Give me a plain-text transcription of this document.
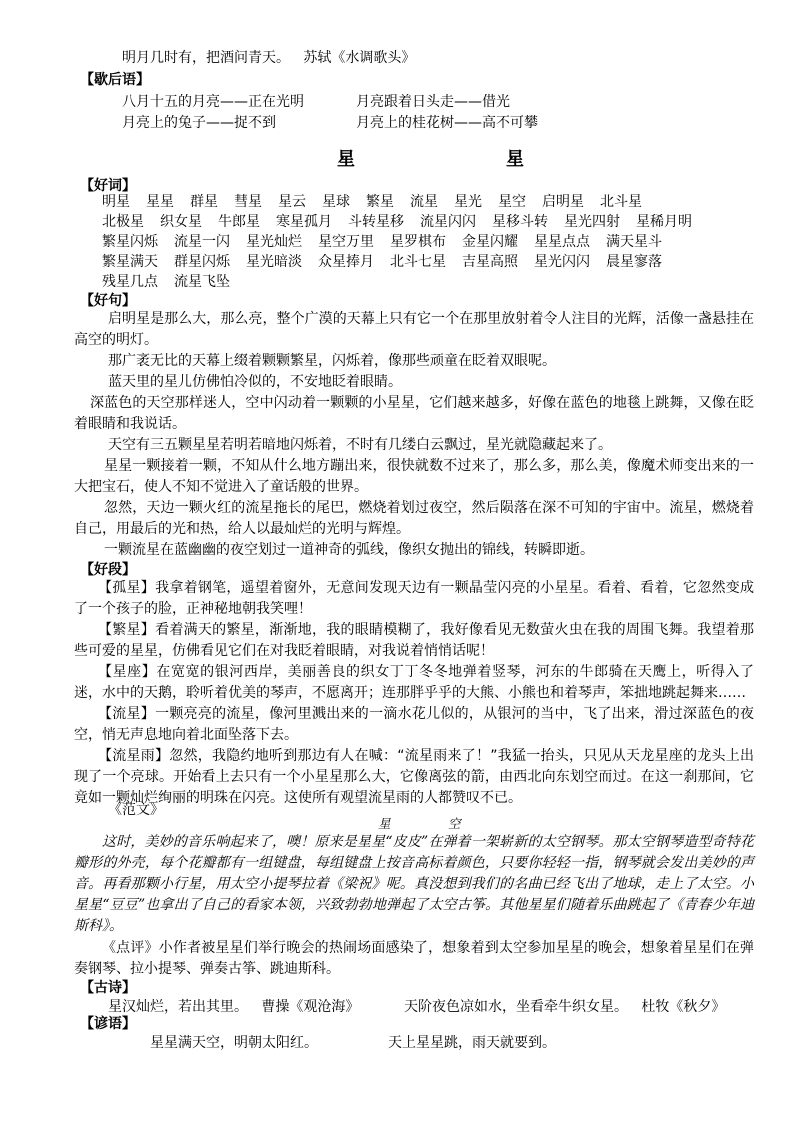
明月几时有，把酒问青天。 苏轼《水调歌头》
【歇后语】
八月十五的月亮——正在光明	月亮跟着日头走——借光
月亮上的兔子——捉不到	月亮上的桂花树——高不可攀
星	星
【好词】
明星 星星 群星 彗星 星云 星球 繁星 流星 星光 星空 启明星 北斗星
北极星 织女星 牛郎星 寒星孤月 斗转星移 流星闪闪 星移斗转 星光四射 星稀月明
繁星闪烁 流星一闪 星光灿烂 星空万里 星罗棋布 金星闪耀 星星点点 满天星斗
繁星满天 群星闪烁 星光暗淡 众星捧月 北斗七星 吉星高照 星光闪闪 晨星寥落
残星几点 流星飞坠
【好句】
启明星是那么大，那么亮，整个广漠的天幕上只有它一个在那里放射着令人注目的光辉，活像一盏悬挂在高空的明灯。
那广袤无比的天幕上缀着颗颗繁星，闪烁着，像那些顽童在眨着双眼呢。
蓝天里的星儿仿佛怕冷似的，不安地眨着眼睛。
深蓝色的天空那样迷人，空中闪动着一颗颗的小星星，它们越来越多，好像在蓝色的地毯上跳舞，又像在眨着眼睛和我说话。
天空有三五颗星星若明若暗地闪烁着，不时有几缕白云飘过，星光就隐藏起来了。
星星一颗接着一颗，不知从什么地方蹦出来，很快就数不过来了，那么多，那么美，像魔术师变出来的一大把宝石，使人不知不觉进入了童话般的世界。
忽然，天边一颗火红的流星拖长的尾巴，燃烧着划过夜空，然后陨落在深不可知的宇宙中。流星，燃烧着自己，用最后的光和热，给人以最灿烂的光明与辉煌。
一颗流星在蓝幽幽的夜空划过一道神奇的弧线，像织女抛出的锦线，转瞬即逝。
【好段】
【孤星】我拿着钢笔，遥望着窗外，无意间发现天边有一颗晶莹闪亮的小星星。看着、看着，它忽然变成了一个孩子的脸，正神秘地朝我笑哩！
【繁星】看着满天的繁星，渐渐地，我的眼睛模糊了，我好像看见无数萤火虫在我的周围飞舞。我望着那些可爱的星星，仿佛看见它们在对我眨着眼睛，对我说着悄悄话呢！
【星座】在宽宽的银河西岸，美丽善良的织女丁丁冬冬地弹着竖琴，河东的牛郎骑在天鹰上，听得入了迷，水中的天鹅，聆听着优美的琴声，不愿离开；连那胖乎乎的大熊、小熊也和着琴声，笨拙地跳起舞来……
【流星】一颗亮亮的流星，像河里溅出来的一滴水花儿似的，从银河的当中，飞了出来，滑过深蓝色的夜空，悄无声息地向着北面坠落下去。
【流星雨】忽然，我隐约地听到那边有人在喊：“流星雨来了！”我猛一抬头，只见从天龙星座的龙头上出现了一个亮球。开始看上去只有一个小星星那么大，它像离弦的箭，由西北向东划空而过。在这一刹那间，它竟如一颗灿烂绚丽的明珠在闪亮。这使所有观望流星雨的人都赞叹不已。
《范文》
星	空
这时，美妙的音乐响起来了，噢！原来是星星“皮皮”在弹着一架崭新的太空钢琴。那太空钢琴造型奇特花瓣形的外壳，每个花瓣都有一组键盘，每组键盘上按音高标着颜色，只要你轻轻一指，钢琴就会发出美妙的声音。再看那颗小行星，用太空小提琴拉着《梁祝》呢。真没想到我们的名曲已经飞出了地球，走上了太空。小星星“豆豆”也拿出了自己的看家本领，兴致勃勃地弹起了太空古筝。其他星星们随着乐曲跳起了《青春少年迪斯科》。
《点评》小作者被星星们举行晚会的热闹场面感染了，想象着到太空参加星星的晚会，想象着星星们在弹奏钢琴、拉小提琴、弹奏古筝、跳迪斯科。
【古诗】
星汉灿烂，若出其里。 曹操《观沧海》	天阶夜色凉如水，坐看牵牛织女星。 杜牧《秋夕》
【谚语】
星星满天空，明朝太阳红。	天上星星跳，雨天就要到。
